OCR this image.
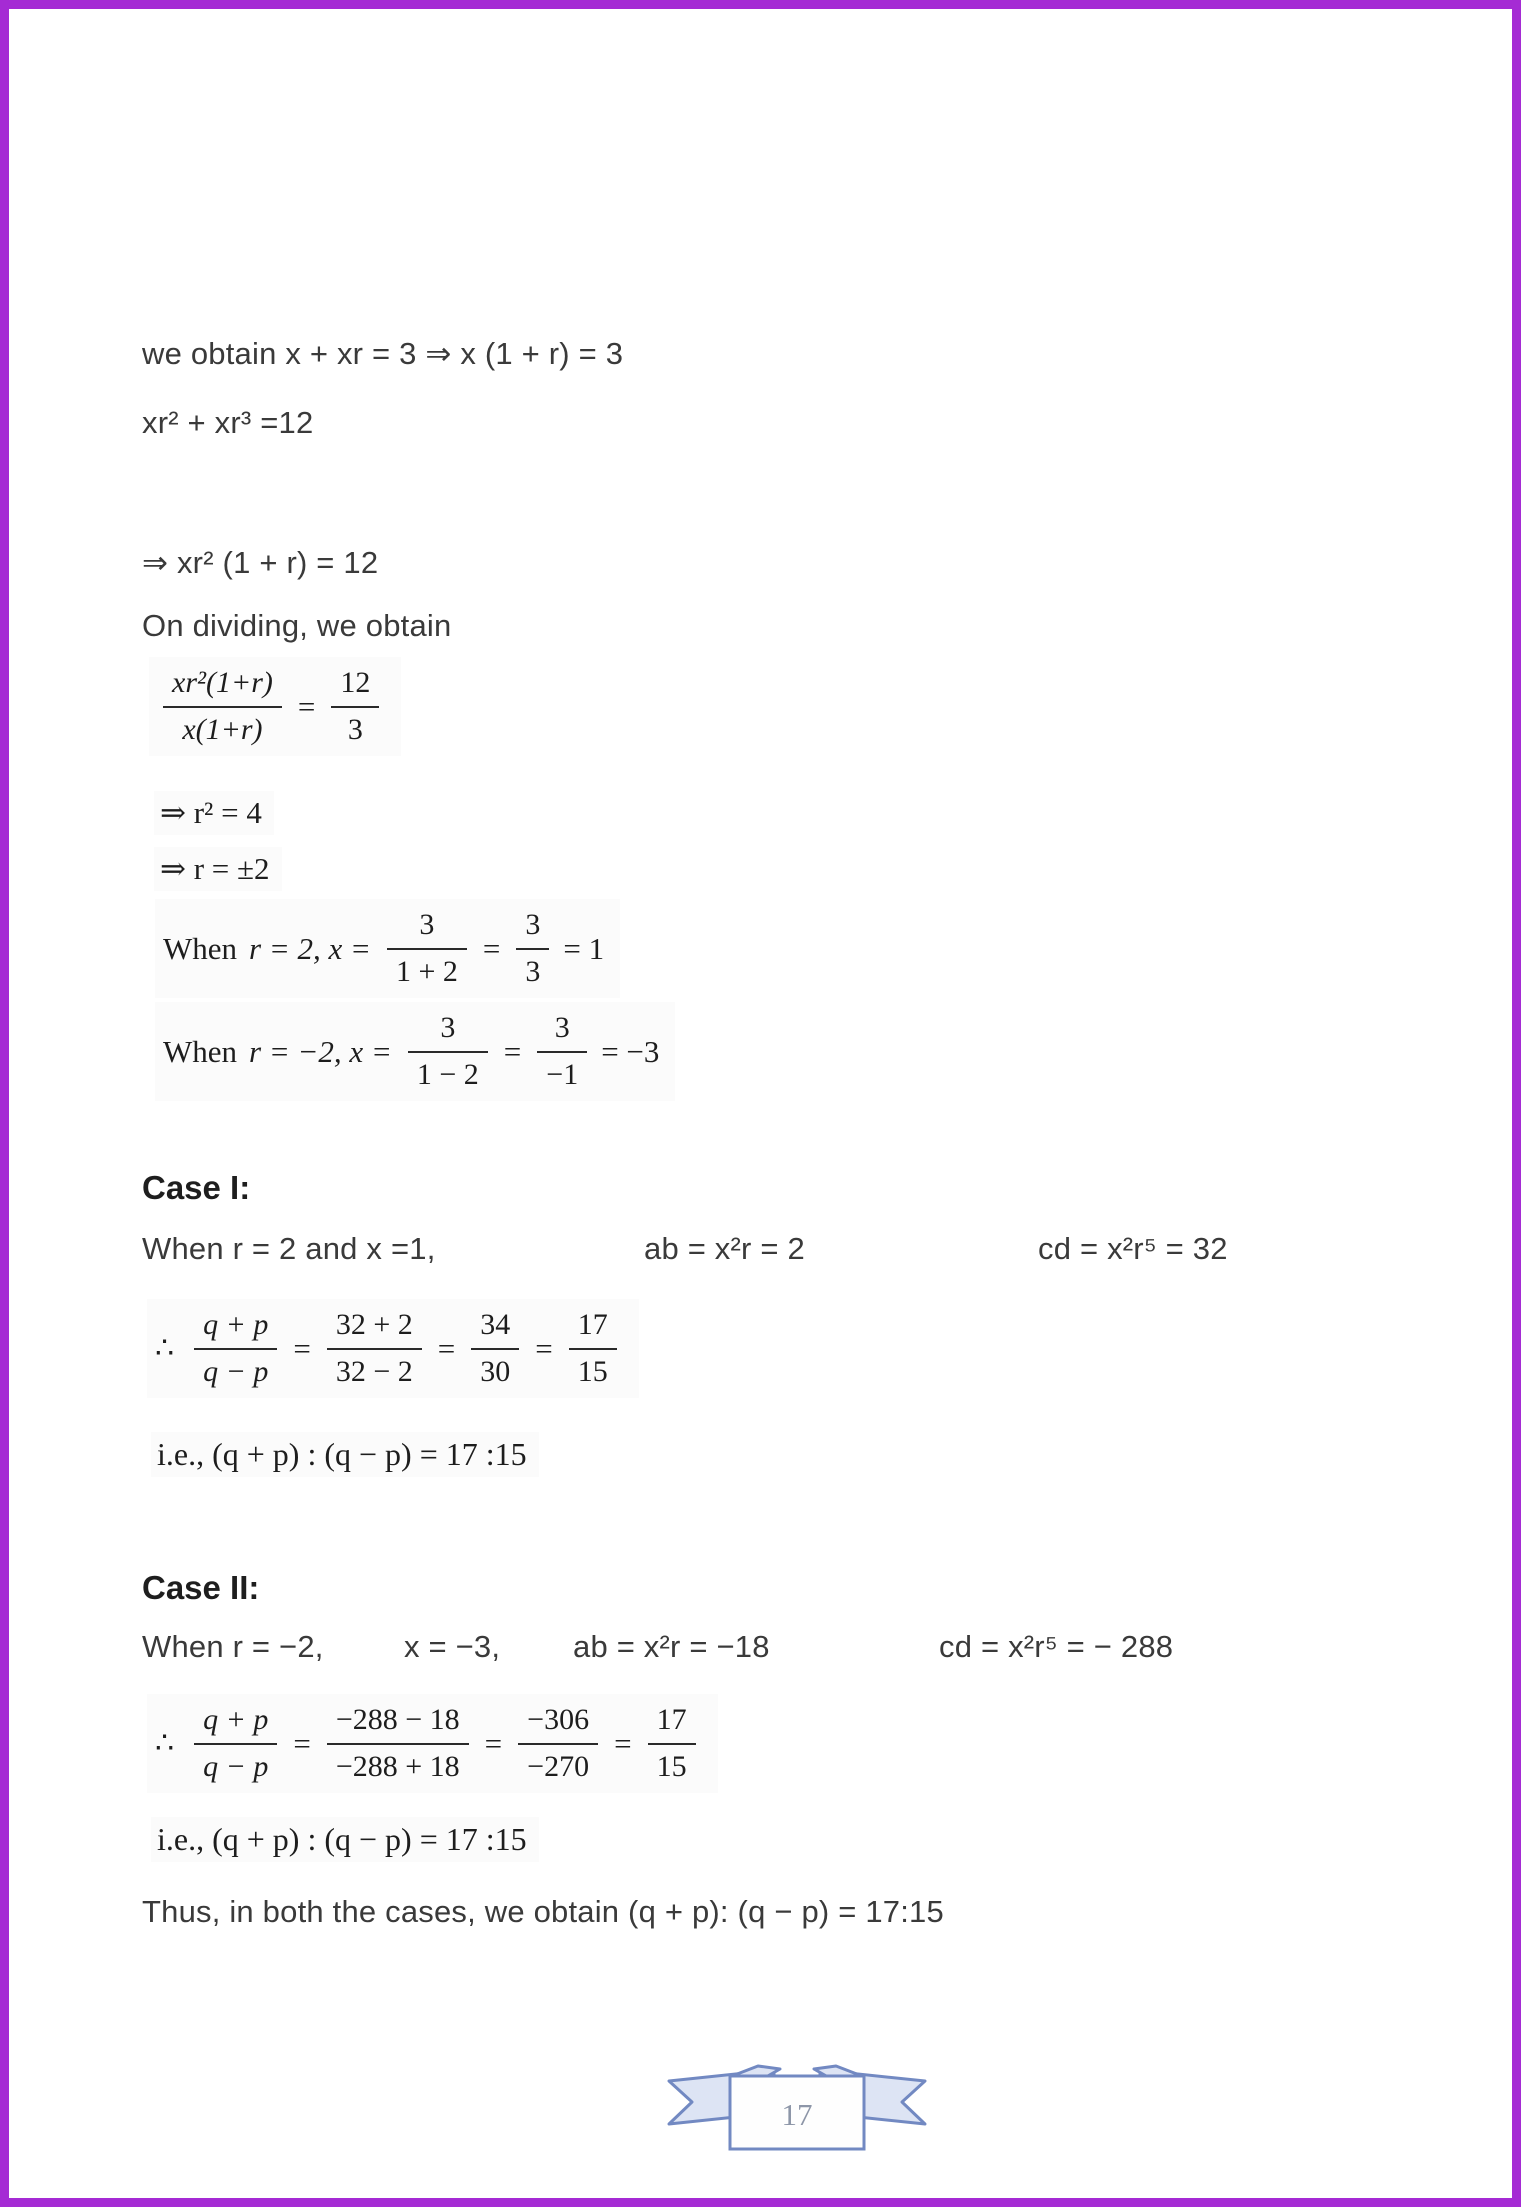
we obtain x + xr = 3 ⇒ x (1 + r) = 3

xr² + xr³ =12

⇒ xr² (1 + r) = 12

On dividing, we obtain

$\frac{\text{xr²(1+r)}}{x(1+r)} = \frac{12}{3}$

⇒ r² = 4

⇒ r = ±2

When r = 2, $x = \frac{3}{1 + 2} = \frac{3}{3} = 1$
When r = −2, $x = \frac{3}{1 - 2} = \frac{3}{-1} = -3$
Case I:
When r = 2 and x =1,	ab = x²r = 2	cd = x²r⁵ = 32
∴ $\frac{q + p}{q - p} = \frac{32 + 2}{32 - 2} = \frac{34}{30} = \frac{17}{15}$

i.e., (q + p) : (q − p) = 17 :15

Case II:
When r = −2,	x = −3, ab = x²r = −18	cd = x²r⁵ = − 288
∴ $\frac{q + p}{q - p} = \frac{-288 - 18}{-288 + 18} = \frac{-306}{-270} = \frac{17}{15}$

i.e., (q + p) : (q − p) = 17 :15

Thus, in both the cases, we obtain (q + p): (q − p) = 17:15

17
